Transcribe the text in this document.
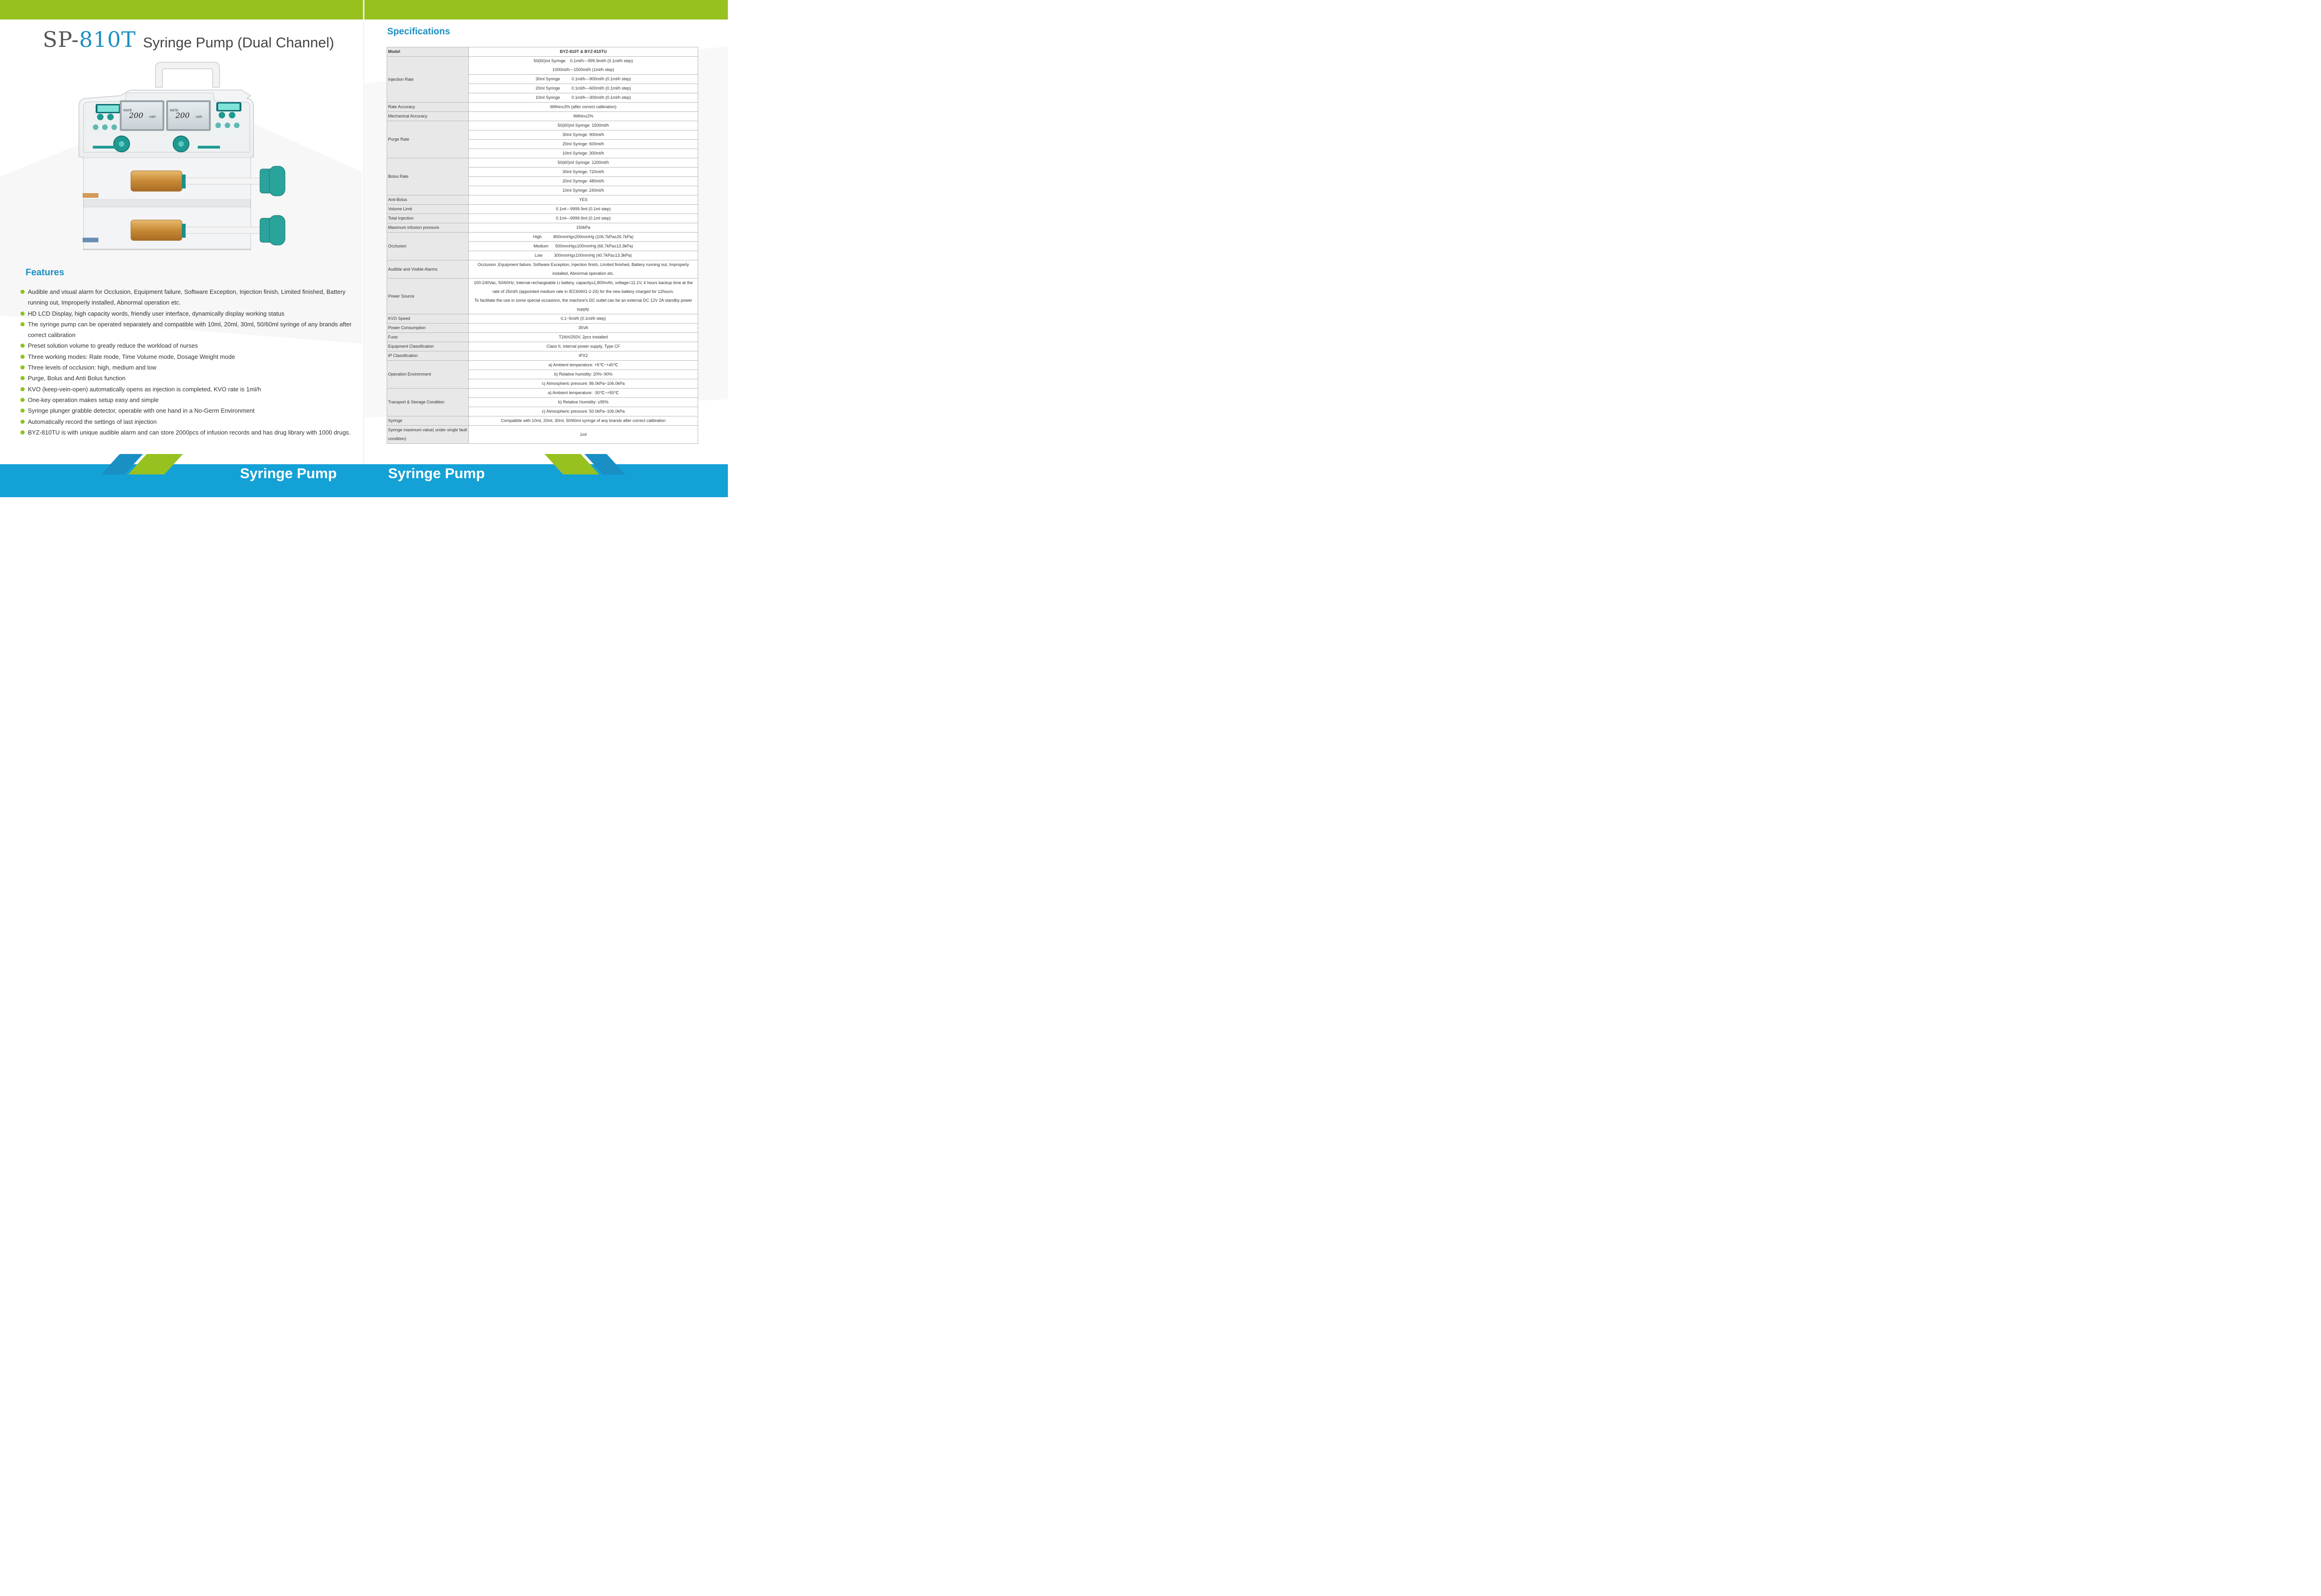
SP-810T Syringe Pump (Dual Channel)
RATE
200 ml/h
RATE
200 ml/h
Features
Audible and visual alarm for Occlusion, Equipment failure, Software Exception, Injection finish, Limited finished, Battery running out, Improperly installed, Abnormal operation etc.
HD LCD Display, high capacity words, friendly user interface, dynamically display working status
The syringe pump can be operated separately and compatible with 10ml, 20ml, 30ml, 50/60ml syringe of any brands after correct calibration
Preset solution volume to greatly reduce the workload of nurses
Three working modes: Rate mode, Time Volume mode, Dosage Weight mode
Three levels of occlusion: high, medium and low
Purge, Bolus and Anti Bolus function
KVO (keep-vein-open) automatically opens as injection is completed, KVO rate is 1ml/h
One-key operation makes setup easy and simple
Syringe plunger grabble detector, operable with one hand in a No-Germ Environment
Automatically record the settings of last injection
BYZ-810TU is with unique audible alarm and can store 2000pcs of infusion records and has drug library with 1000 drugs.
Specifications
Model	BYZ-810T & BYZ-810TU
Injection Rate	50(60)ml Syringe    0.1ml/h---999.9ml/h (0.1ml/h step)
1000ml/h---1500ml/h (1ml/h step)

	30ml Syringe          0.1ml/h---900ml/h (0.1ml/h step)
	20ml Syringe          0.1ml/h---600ml/h (0.1ml/h step)
	10ml Syringe          0.1ml/h---300ml/h (0.1ml/h step)

Rate Accuracy	Within±3% (after correct calibration)
Mechanical Accuracy	Within±2%
Purge Rate	50(60)ml Syringe: 1500ml/h
	30ml Syringe: 900ml/h
	20ml Syringe: 600ml/h
	10ml Syringe: 300ml/h
Bolus Rate	50(60)ml Syringe: 1200ml/h
	30ml Syringe: 720ml/h
	20ml Syringe: 480ml/h
	10ml Syringe: 240ml/h
Anti-Bolus	YES
Volume Limit	0.1ml---9999.9ml (0.1ml step)
Total Injection	0.1ml---9999.9ml (0.1ml step)
Maximum infusion pressure	150kPa
Occlusion	High          800mmHg±200mmHg (106.7kPa±26.7kPa)
	Medium      500mmHg±100mmHg (66.7kPa±13.3kPa)
	Low          300mmHg±100mmHg (40.7kPa±13.3kPa)
Audible and Visible Alarms	Occlusion ,Equipment failure, Software Exception, Injection finish, Limited finished, Battery running out, Improperly installed, Abnormal operation etc.
Power Source	100-240Vac, 50/60Hz; Internal rechargeable Li battery, capacity≥1,800mAh, voltage=11.1V, 4 hours backup time at the rate of 25ml/h (appointed medium rate in IEC60601-2-24) for the new battery charged for 12hours.
To facilitate the use in some special occasions, the machine's DC outlet can be an external DC 12V 2A standby power supply.

KVO Speed	0.1~5ml/h (0.1ml/h step)
Power Consumption	35VA
Fuse:	T2AH/250V, 2pcs installed
Equipment Classification	Class II, internal power supply, Type CF
IP Classification	IPX2
Operation Environment	a) Ambient temperature: +5℃~+40℃
	b) Relative humidity: 20%~90%
	c) Atmospheric pressure: 86.0kPa~106.0kPa
Transport & Storage Condition	a) Ambient temperature: -30℃~+55℃
	b) Relative Humidity: ≤95%
	c) Atmospheric pressure: 50.0kPa~106.0kPa
Syringe	Compatible with 10ml, 20ml, 30ml, 50/60ml syringe of any brands after correct calibration
Syringe maximum value( under single fault condition)	1ml
Syringe Pump	Syringe Pump
